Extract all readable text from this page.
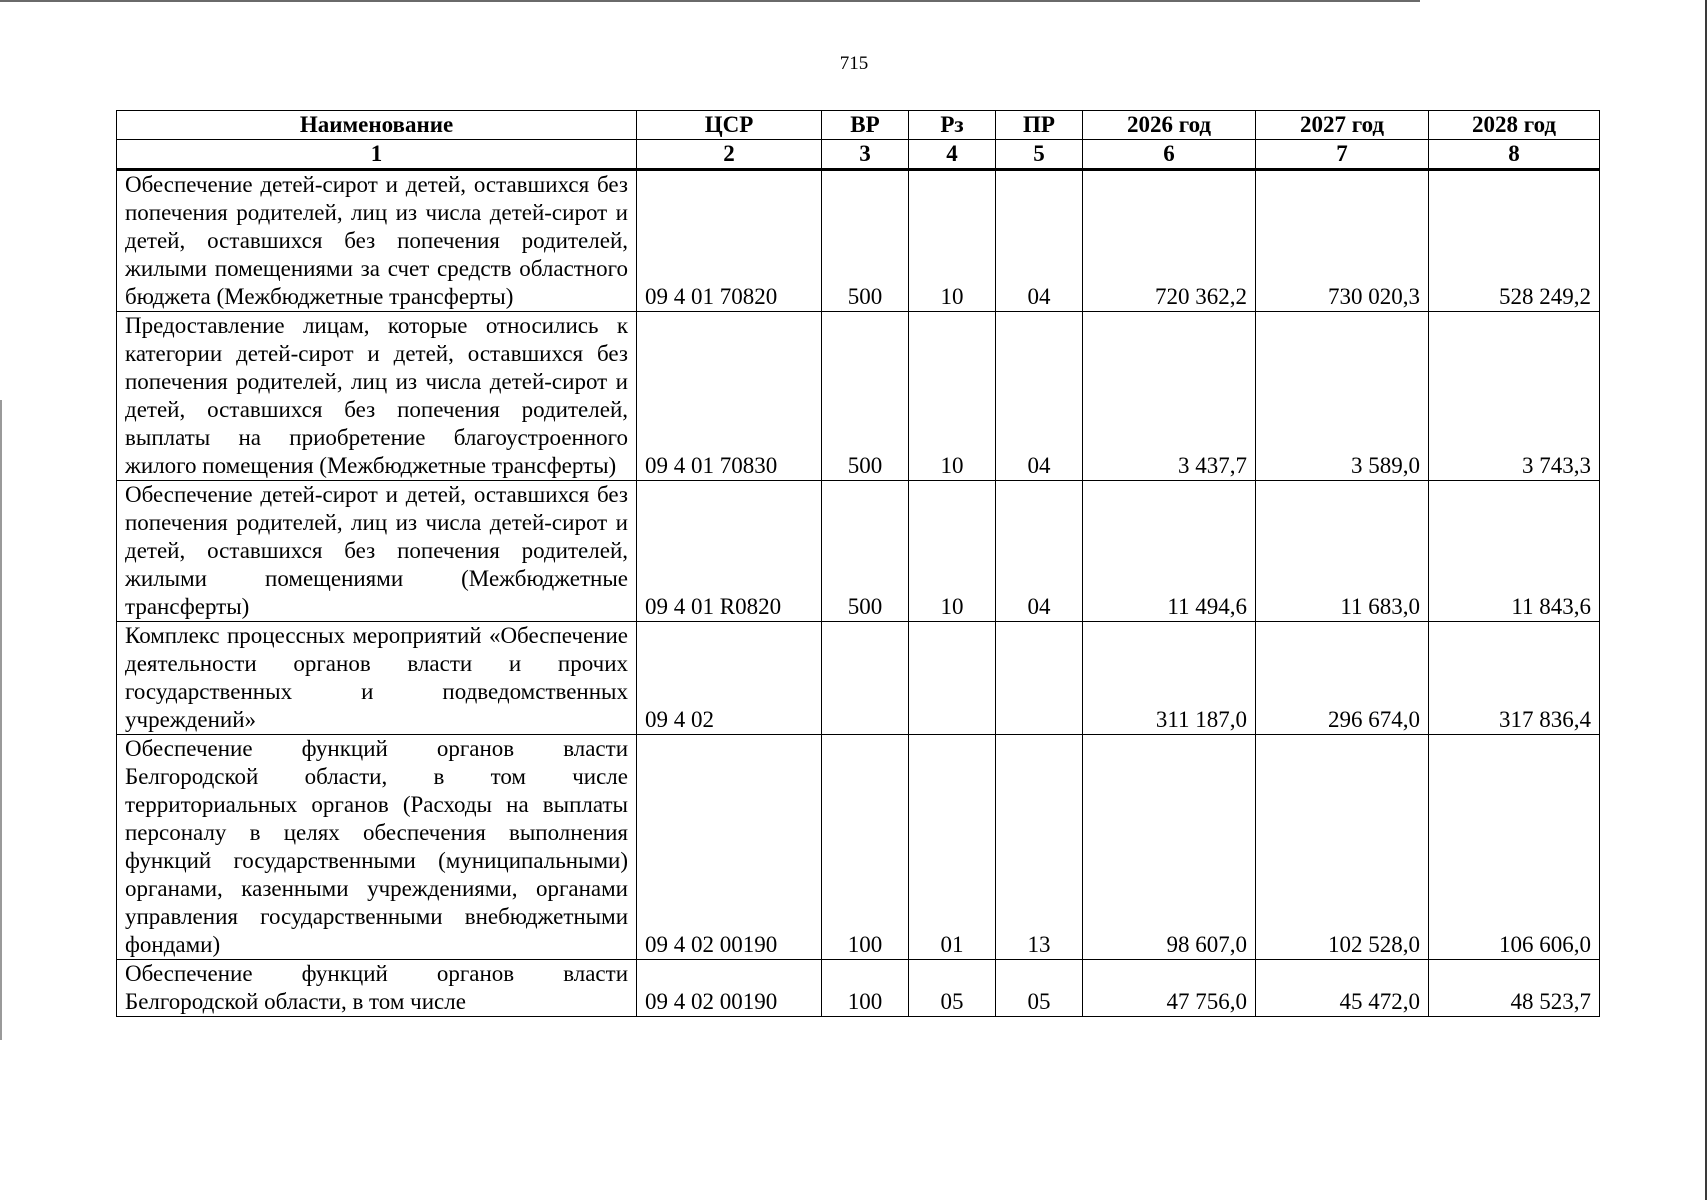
715
Наименование	ЦСР	ВР	Рз	ПР	2026 год	2027 год	2028 год
1	2	3	4	5	6	7	8
Обеспечение детей-сирот и детей, оставшихся без попечения родителей, лиц из числа детей-сирот и детей, оставшихся без попечения родителей, жилыми помещениями за счет средств областного бюджета (Межбюджетные трансферты)	09 4 01 70820	500	10	04	720 362,2	730 020,3	528 249,2
Предоставление лицам, которые относились к категории детей-сирот и детей, оставшихся без попечения родителей, лиц из числа детей-сирот и детей, оставшихся без попечения родителей, выплаты на приобретение благоустроенного жилого помещения (Межбюджетные трансферты)	09 4 01 70830	500	10	04	3 437,7	3 589,0	3 743,3
Обеспечение детей-сирот и детей, оставшихся без попечения родителей, лиц из числа детей-сирот и детей, оставшихся без попечения родителей, жилыми помещениями (Межбюджетные трансферты)	09 4 01 R0820	500	10	04	11 494,6	11 683,0	11 843,6
Комплекс процессных мероприятий «Обеспечение деятельности органов власти и прочих государственных и подведомственных учреждений»	09 4 02				311 187,0	296 674,0	317 836,4
Обеспечение функций органов власти Белгородской области, в том числе территориальных органов (Расходы на выплаты персоналу в целях обеспечения выполнения функций государственными (муниципальными) органами, казенными учреждениями, органами управления государственными внебюджетными фондами)	09 4 02 00190	100	01	13	98 607,0	102 528,0	106 606,0
Обеспечение функций органов власти Белгородской области, в том числе	09 4 02 00190	100	05	05	47 756,0	45 472,0	48 523,7
